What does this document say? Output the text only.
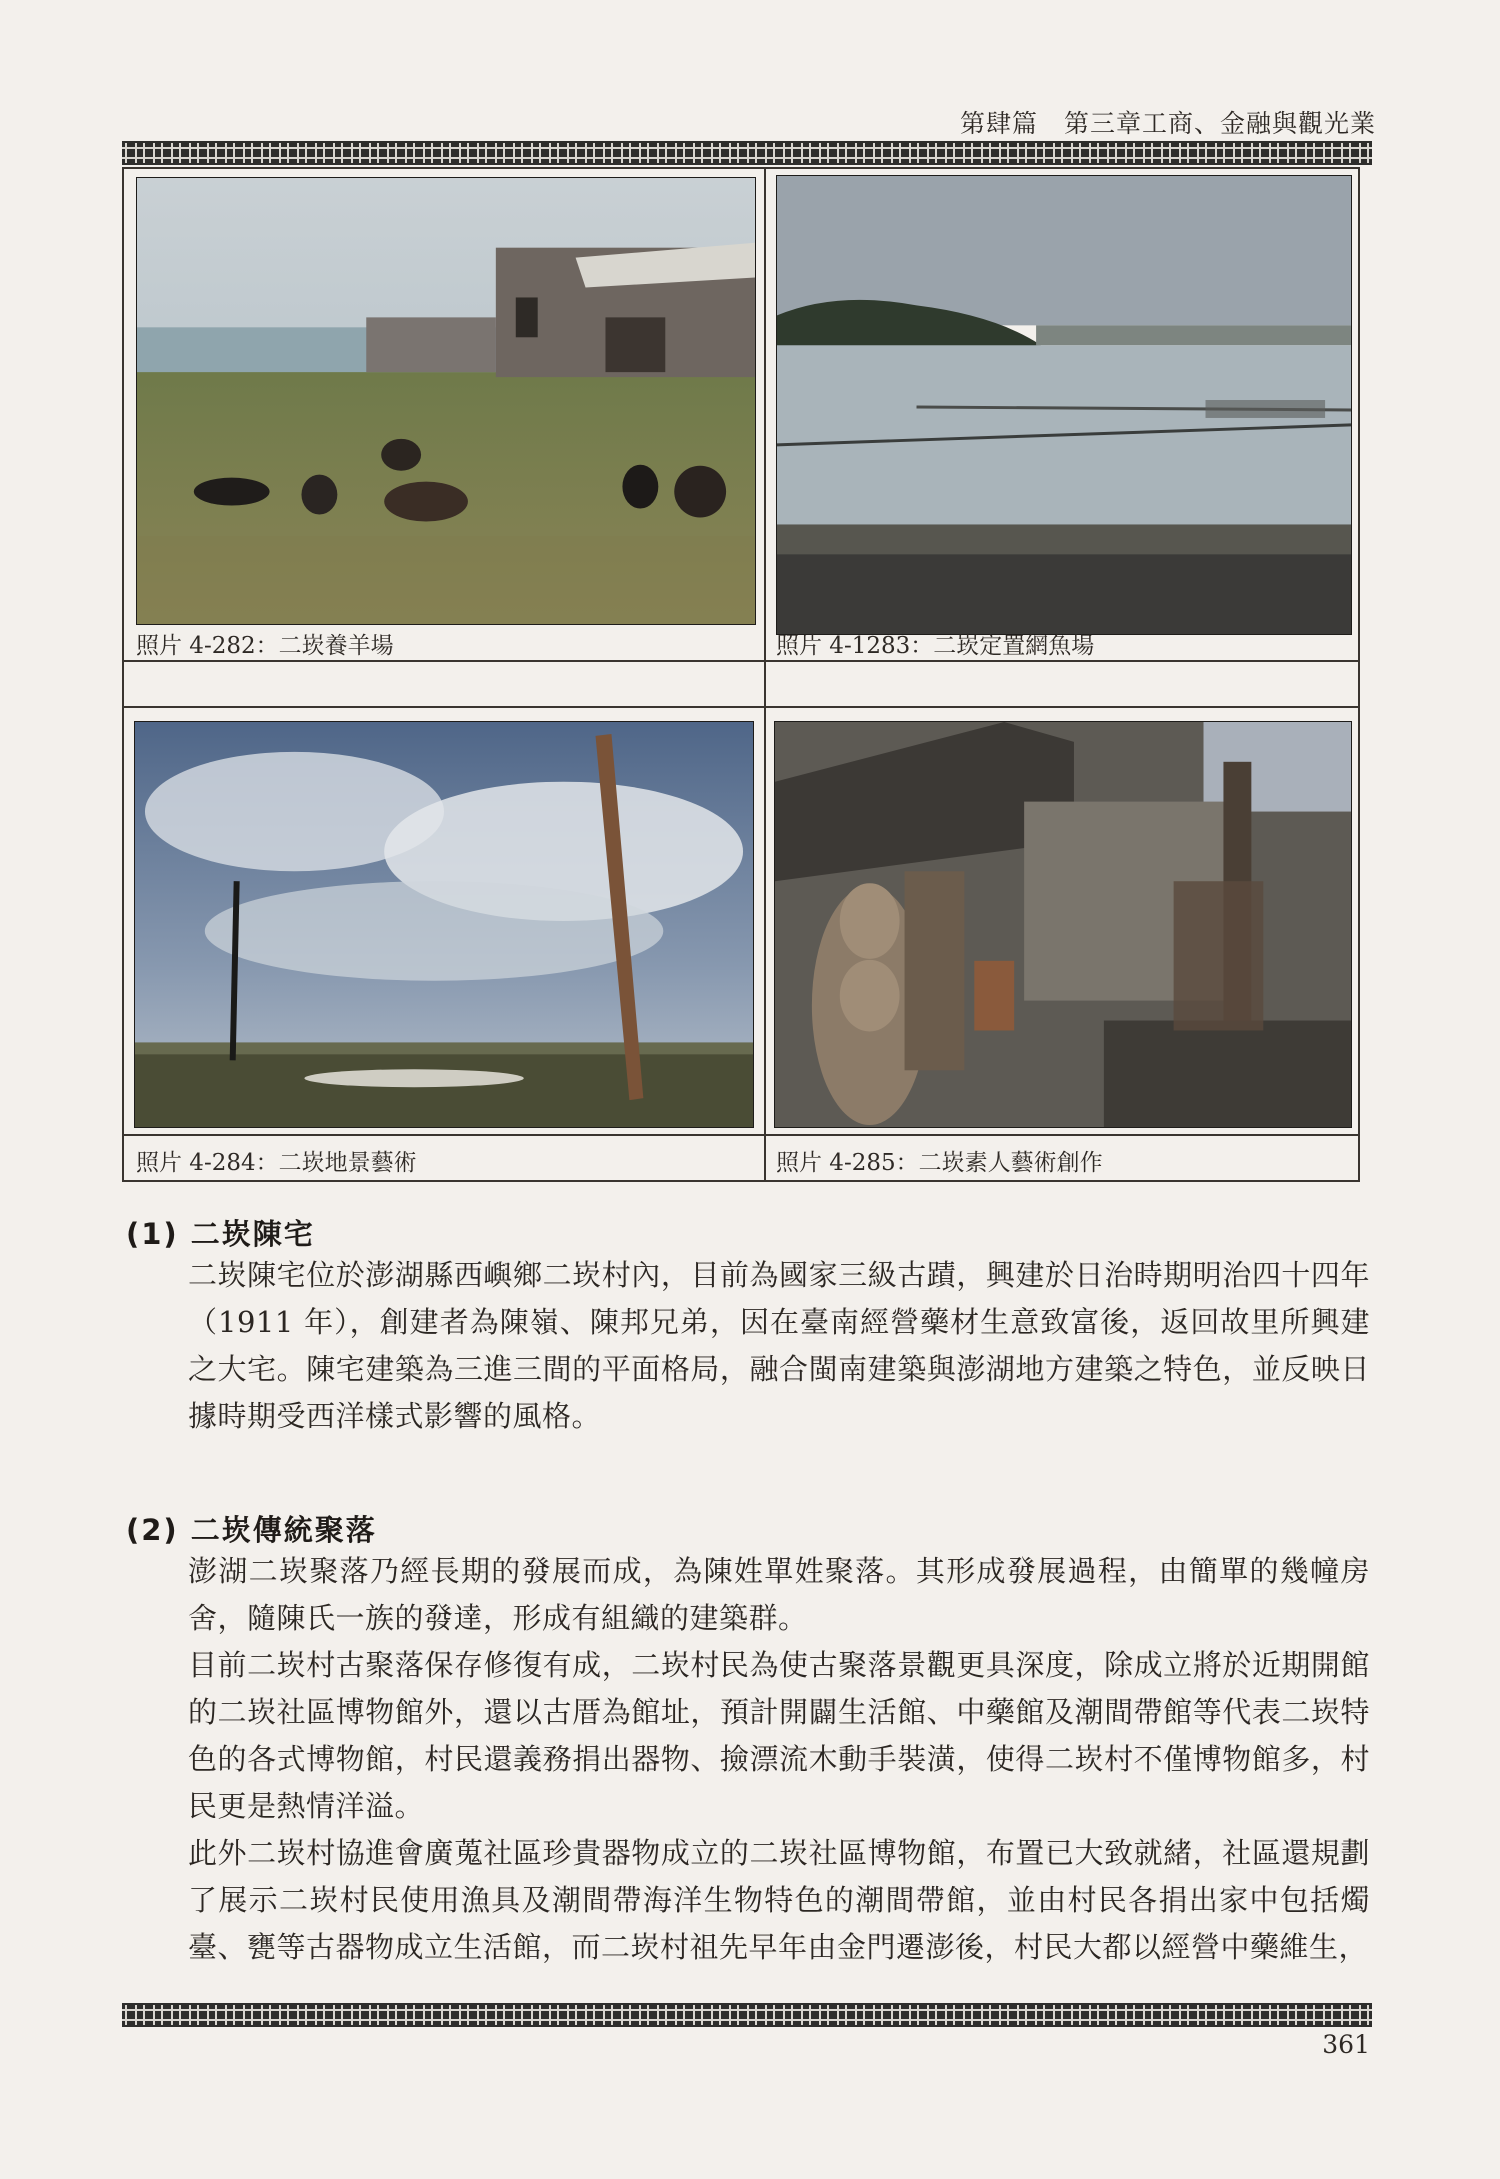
第肆篇　第三章工商、金融與觀光業
照片 4-282：二崁養羊場	照片 4-1283：二崁定置網魚場
照片 4-284：二崁地景藝術	照片 4-285：二崁素人藝術創作
(1) 二崁陳宅
二崁陳宅位於澎湖縣西嶼鄉二崁村內，目前為國家三級古蹟，興建於日治時期明治四十四年（1911 年），創建者為陳嶺、陳邦兄弟，因在臺南經營藥材生意致富後，返回故里所興建之大宅。陳宅建築為三進三間的平面格局，融合閩南建築與澎湖地方建築之特色，並反映日據時期受西洋樣式影響的風格。
(2) 二崁傳統聚落
澎湖二崁聚落乃經長期的發展而成，為陳姓單姓聚落。其形成發展過程，由簡單的幾幢房舍，隨陳氏一族的發達，形成有組織的建築群。
目前二崁村古聚落保存修復有成，二崁村民為使古聚落景觀更具深度，除成立將於近期開館的二崁社區博物館外，還以古厝為館址，預計開闢生活館、中藥館及潮間帶館等代表二崁特色的各式博物館，村民還義務捐出器物、撿漂流木動手裝潢，使得二崁村不僅博物館多，村民更是熱情洋溢。
此外二崁村協進會廣蒐社區珍貴器物成立的二崁社區博物館，布置已大致就緒，社區還規劃了展示二崁村民使用漁具及潮間帶海洋生物特色的潮間帶館，並由村民各捐出家中包括燭臺、甕等古器物成立生活館，而二崁村祖先早年由金門遷澎後，村民大都以經營中藥維生，
361
